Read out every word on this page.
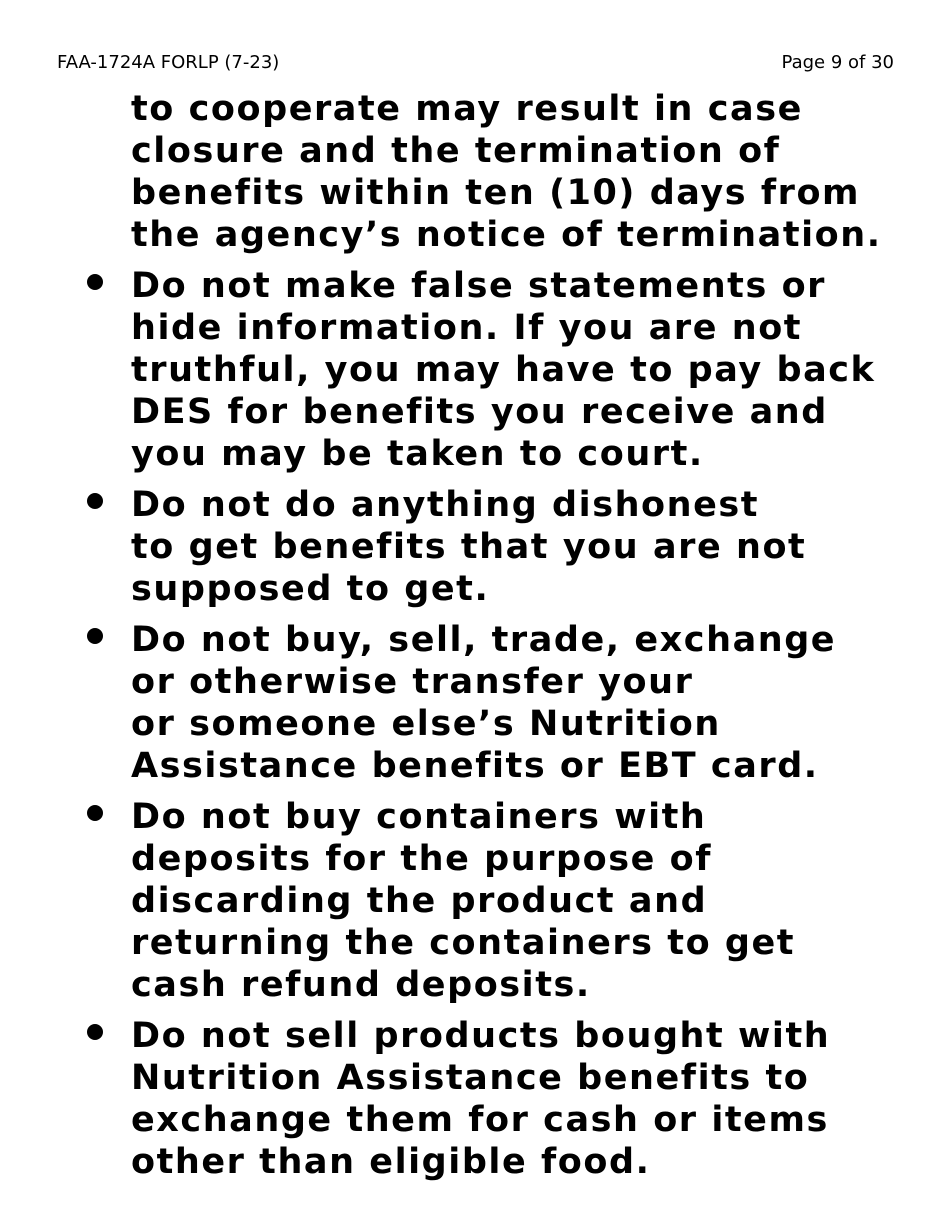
FAA-1724A FORLP (7-23)	Page 9 of 30
to cooperate may result in case
closure and the termination of
benefits within ten (10) days from
the agency’s notice of termination.
Do not make false statements or
hide information. If you are not
truthful, you may have to pay back
DES for benefits you receive and
you may be taken to court.
Do not do anything dishonest
to get benefits that you are not
supposed to get.
Do not buy, sell, trade, exchange
or otherwise transfer your
or someone else’s Nutrition
Assistance benefits or EBT card.
Do not buy containers with
deposits for the purpose of
discarding the product and
returning the containers to get
cash refund deposits.
Do not sell products bought with
Nutrition Assistance benefits to
exchange them for cash or items
other than eligible food.
